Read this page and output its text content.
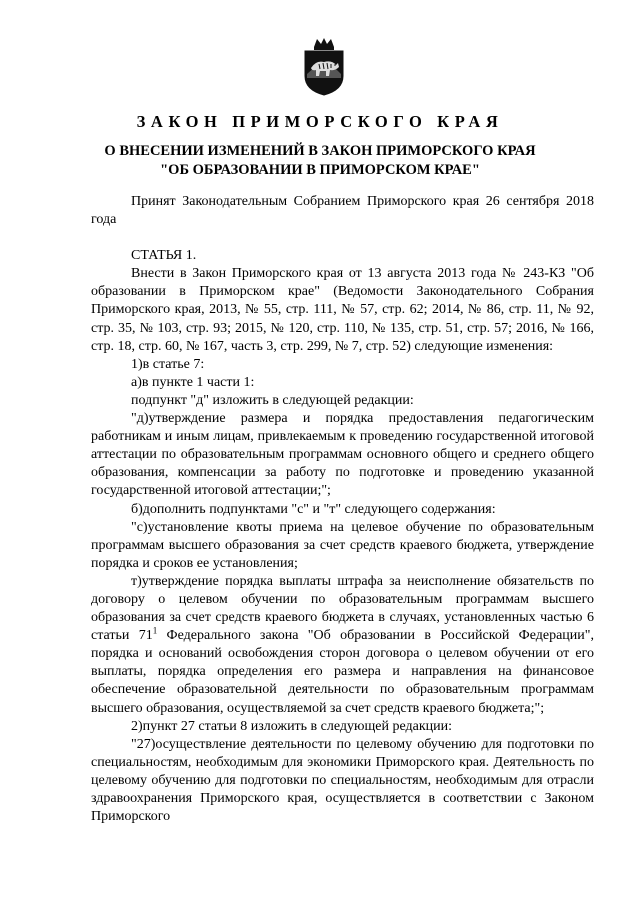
ЗАКОН ПРИМОРСКОГО КРАЯ
О ВНЕСЕНИИ ИЗМЕНЕНИЙ В ЗАКОН ПРИМОРСКОГО КРАЯ
"ОБ ОБРАЗОВАНИИ В ПРИМОРСКОМ КРАЕ"

Принят Законодательным Собранием Приморского края 26 сентября 2018 года

СТАТЬЯ 1.

Внести в Закон Приморского края от 13 августа 2013 года № 243-КЗ "Об образовании в Приморском крае" (Ведомости Законодательного Собрания Приморского края, 2013, № 55, стр. 111, № 57, стр. 62; 2014, № 86, стр. 11, № 92, стр. 35, № 103, стр. 93; 2015, № 120, стр. 110, № 135, стр. 51, стр. 57; 2016, № 166, стр. 18, стр. 60, № 167, часть 3, стр. 299, № 7, стр. 52) следующие изменения:

1)в статье 7:

а)в пункте 1 части 1:

подпункт "д" изложить в следующей редакции:

"д)утверждение размера и порядка предоставления педагогическим работникам и иным лицам, привлекаемым к проведению государственной итоговой аттестации по образовательным программам основного общего и среднего общего образования, компенсации за работу по подготовке и проведению указанной государственной итоговой аттестации;";

б)дополнить подпунктами "с" и "т" следующего содержания:

"с)установление квоты приема на целевое обучение по образовательным программам высшего образования за счет средств краевого бюджета, утверждение порядка и сроков ее установления;

т)утверждение порядка выплаты штрафа за неисполнение обязательств по договору о целевом обучении по образовательным программам высшего образования за счет средств краевого бюджета в случаях, установленных частью 6 статьи $71^1$ Федерального закона "Об образовании в Российской Федерации", порядка и оснований освобождения сторон договора о целевом обучении от его выплаты, порядка определения его размера и направления на финансовое обеспечение образовательной деятельности по образовательным программам высшего образования, осуществляемой за счет средств краевого бюджета;";

2)пункт 27 статьи 8 изложить в следующей редакции:

"27)осуществление деятельности по целевому обучению для подготовки по специальностям, необходимым для экономики Приморского края. Деятельность по целевому обучению для подготовки по специальностям, необходимым для отрасли здравоохранения Приморского края, осуществляется в соответствии с Законом Приморского
